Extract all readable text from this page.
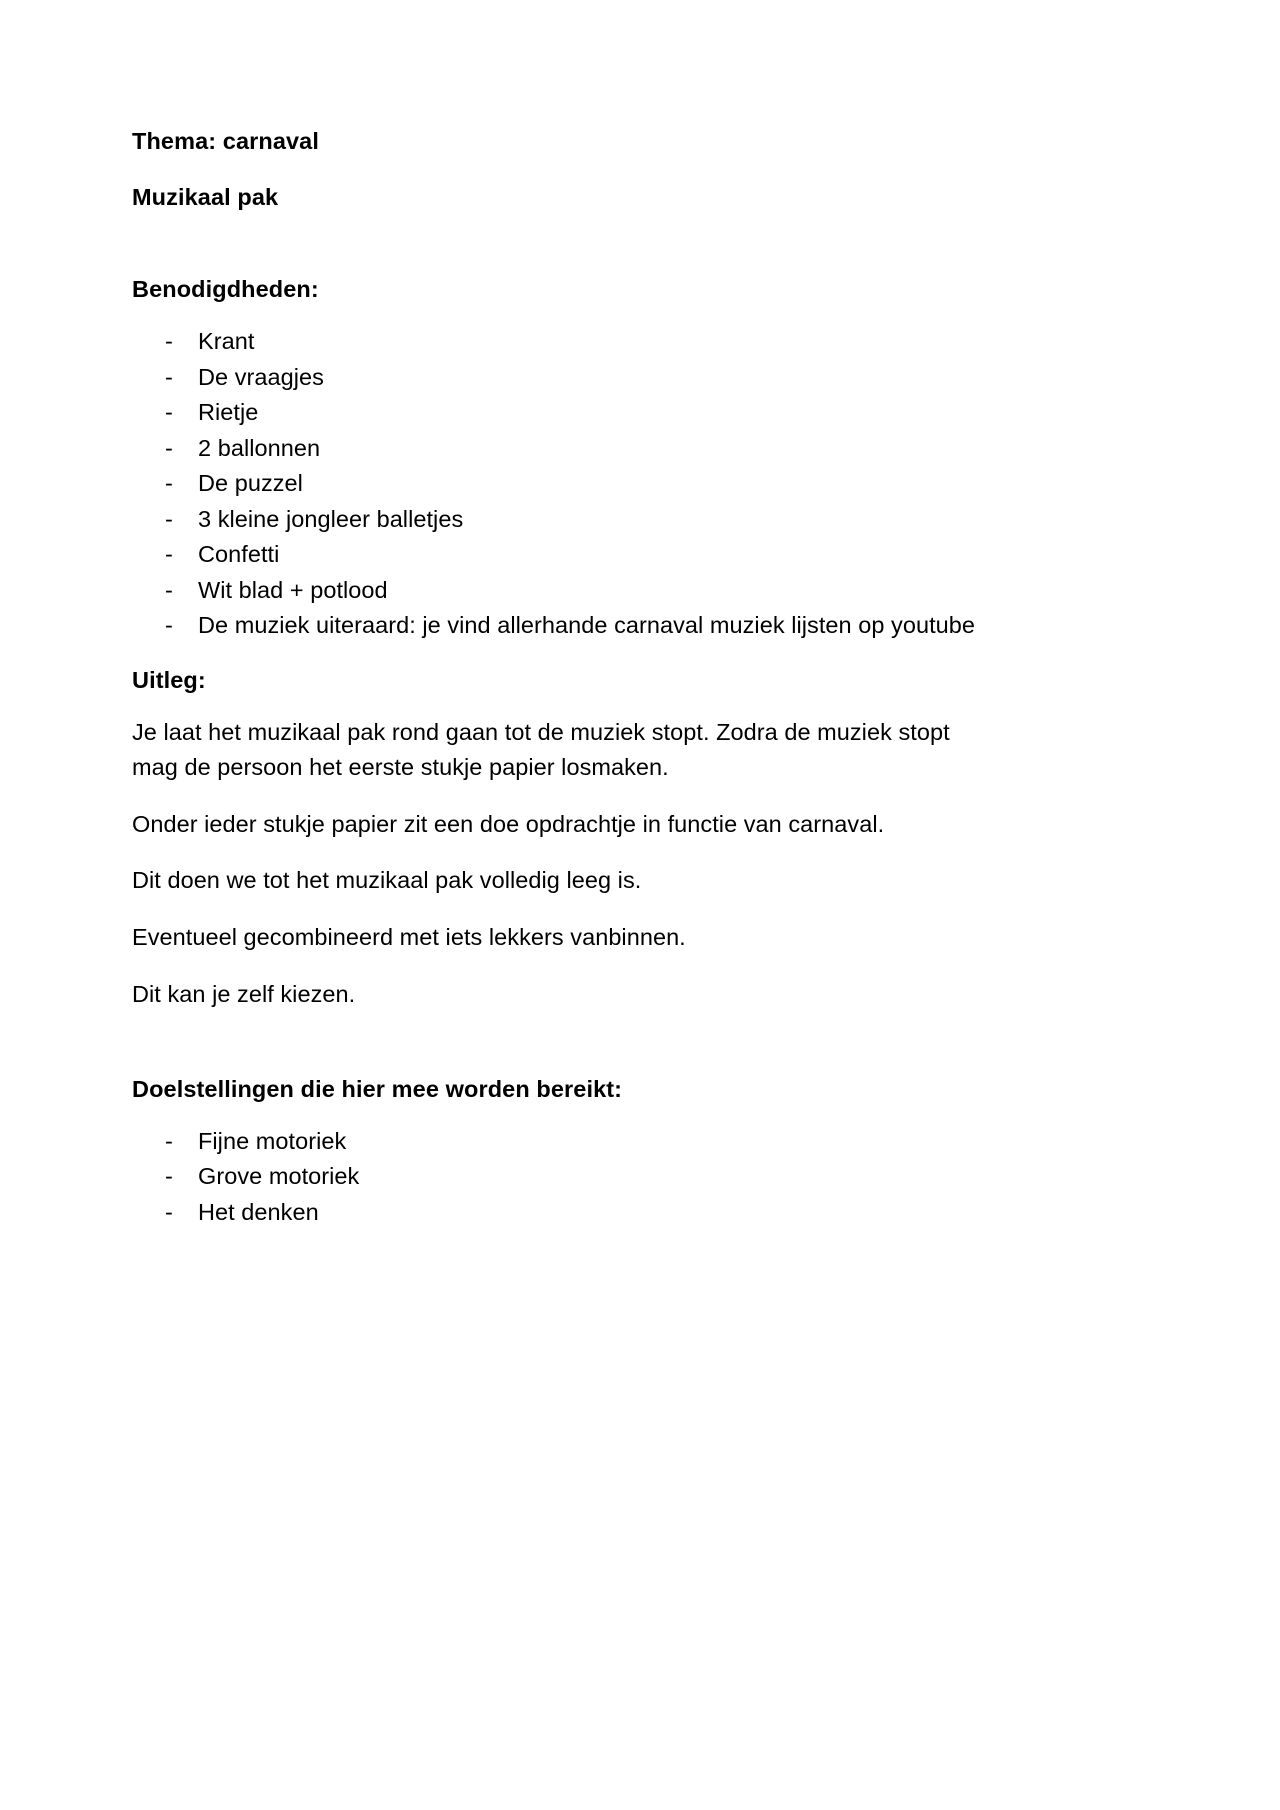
Thema: carnaval
Muzikaal pak
Benodigdheden:
- Krant
- De vraagjes
- Rietje
- 2 ballonnen
- De puzzel
- 3 kleine jongleer balletjes
- Confetti
- Wit blad + potlood
- De muziek uiteraard: je vind allerhande carnaval muziek lijsten op youtube
Uitleg:

Je laat het muzikaal pak rond gaan tot de muziek stopt. Zodra de muziek stopt mag de persoon het eerste stukje papier losmaken.

Onder ieder stukje papier zit een doe opdrachtje in functie van carnaval.

Dit doen we tot het muzikaal pak volledig leeg is.

Eventueel gecombineerd met iets lekkers vanbinnen.

Dit kan je zelf kiezen.

Doelstellingen die hier mee worden bereikt:
- Fijne motoriek
- Grove motoriek
- Het denken
